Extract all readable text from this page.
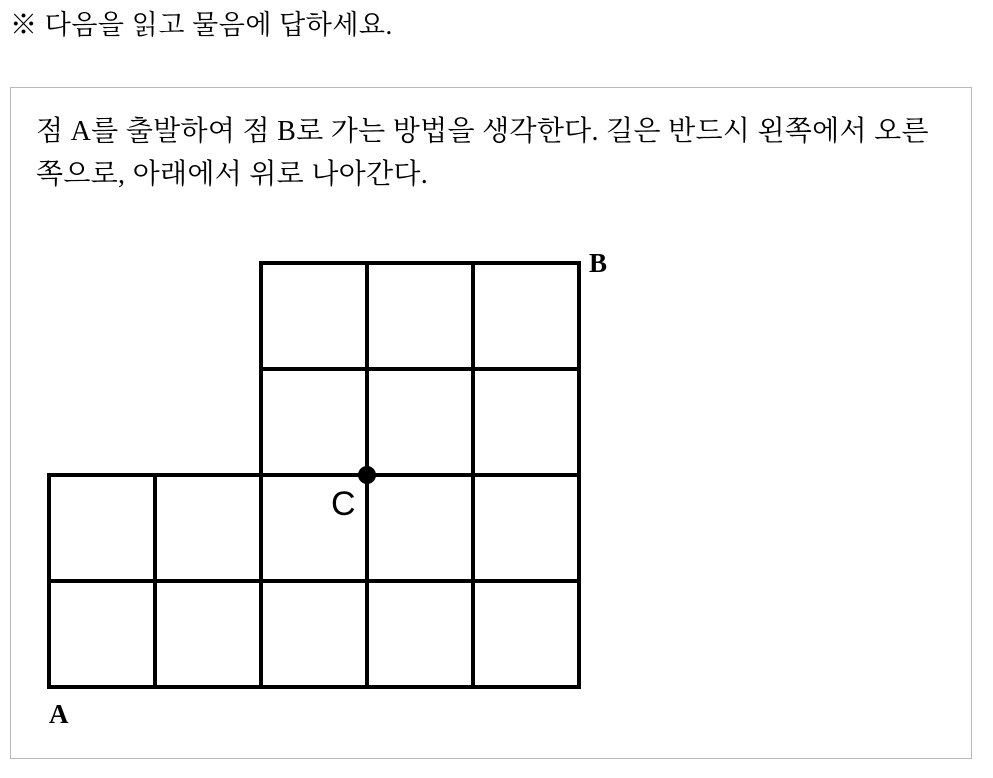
※ 다음을 읽고 물음에 답하세요.
점 A를 출발하여 점 B로 가는 방법을 생각한다. 길은 반드시 왼쪽에서 오른쪽으로, 아래에서 위로 나아간다.
B
A
C
